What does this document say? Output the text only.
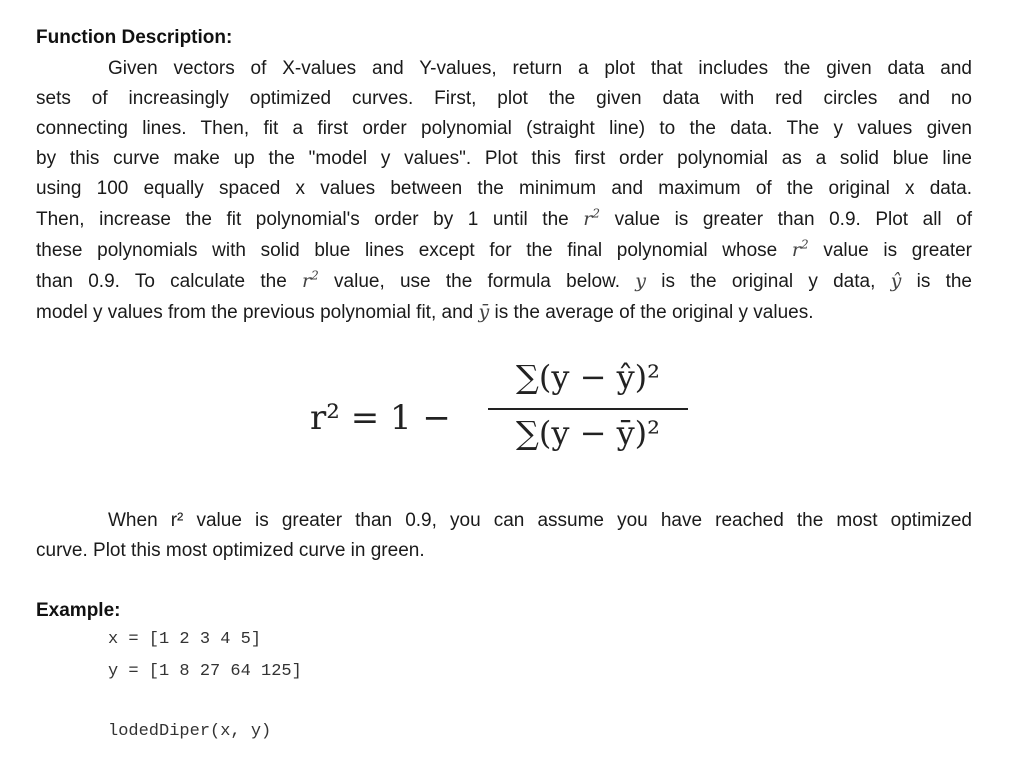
Function Description:
Given vectors of X-values and Y-values, return a plot that includes the given data and
sets of increasingly optimized curves. First, plot the given data with red circles and no
connecting lines. Then, fit a first order polynomial (straight line) to the data. The y values given
by this curve make up the "model y values". Plot this first order polynomial as a solid blue line
using 100 equally spaced x values between the minimum and maximum of the original x data.
Then, increase the fit polynomial's order by 1 until the $r^2$ value is greater than 0.9. Plot all of
these polynomials with solid blue lines except for the final polynomial whose $r^2$ value is greater
than 0.9. To calculate the $r^2$ value, use the formula below. y is the original y data, ŷ is the
model y values from the previous polynomial fit, and ȳ is the average of the original y values.
r² = 1 −
∑(y − ŷ)²
∑(y − ȳ)²
When r² value is greater than 0.9, you can assume you have reached the most optimized
curve. Plot this most optimized curve in green.
Example:
x = [1 2 3 4 5]
y = [1 8 27 64 125]
lodedDiper(x, y)
